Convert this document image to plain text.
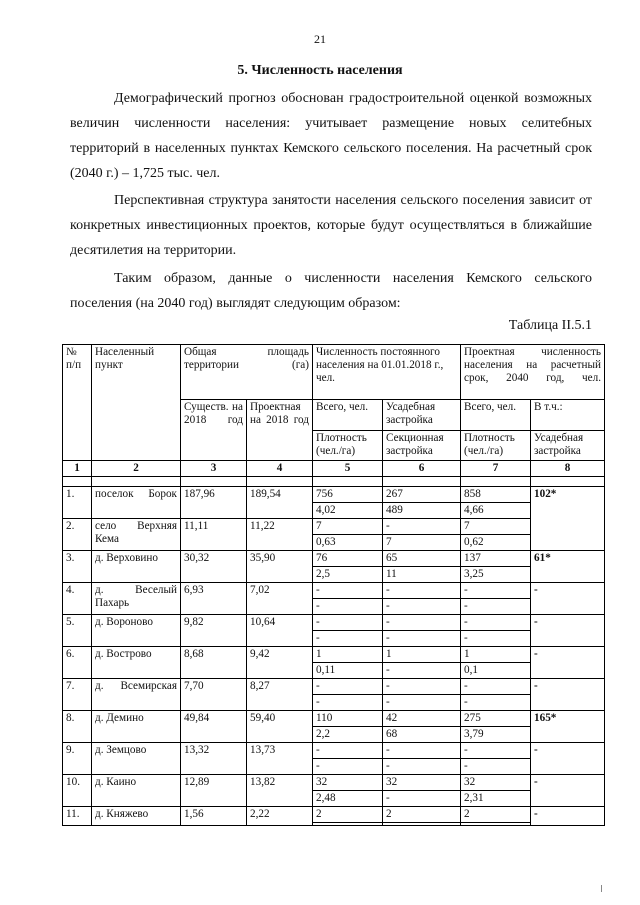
21
5. Численность населения

Демографический прогноз обоснован градостроительной оценкой возможных величин численности населения: учитывает размещение новых селитебных территорий в населенных пунктах Кемского сельского поселения. На расчетный срок (2040 г.) – 1,725 тыс. чел.

Перспективная структура занятости населения сельского поселения зависит от конкретных инвестиционных проектов, которые будут осуществляться в ближайшие десятилетия на территории.

Таким образом, данные о численности населения Кемского сельского поселения (на 2040 год) выглядят следующим образом:

Таблица II.5.1
№ п/п	Населенный пункт	Общая площадь территории (га)		Численность постоянного населения на 01.01.2018 г., чел.		Проектная численность населения на расчетный срок, 2040 год, чел.	
		Существ. на 2018 год	Проектная на 2018 год	Всего, чел.	Усадебная застройка	Всего, чел.	В т.ч.:
				Плотность (чел./га)	Секционная застройка	Плотность (чел./га)	Усадебная застройка
1	2	3	4	5	6	7	8

1.	поселок Борок	187,96	189,54	756	267	858	102*
				4,02	489	4,66	
2.	село Верхняя Кема	11,11	11,22	7	-	7	
				0,63	7	0,62	
3.	д. Верховино	30,32	35,90	76	65	137	61*
				2,5	11	3,25	
4.	д. Веселый Пахарь	6,93	7,02	-	-	-	-
				-	-	-	
5.	д. Вороново	9,82	10,64	-	-	-	-
				-	-	-	
6.	д. Вострово	8,68	9,42	1	1	1	-
				0,11	-	0,1	
7.	д. Всемирская	7,70	8,27	-	-	-	-
				-	-	-	
8.	д. Демино	49,84	59,40	110	42	275	165*
				2,2	68	3,79	
9.	д. Земцово	13,32	13,73	-	-	-	-
				-	-	-	
10.	д. Каино	12,89	13,82	32	32	32	-
				2,48	-	2,31	
11.	д. Княжево	1,56	2,22	2	2	2	-
